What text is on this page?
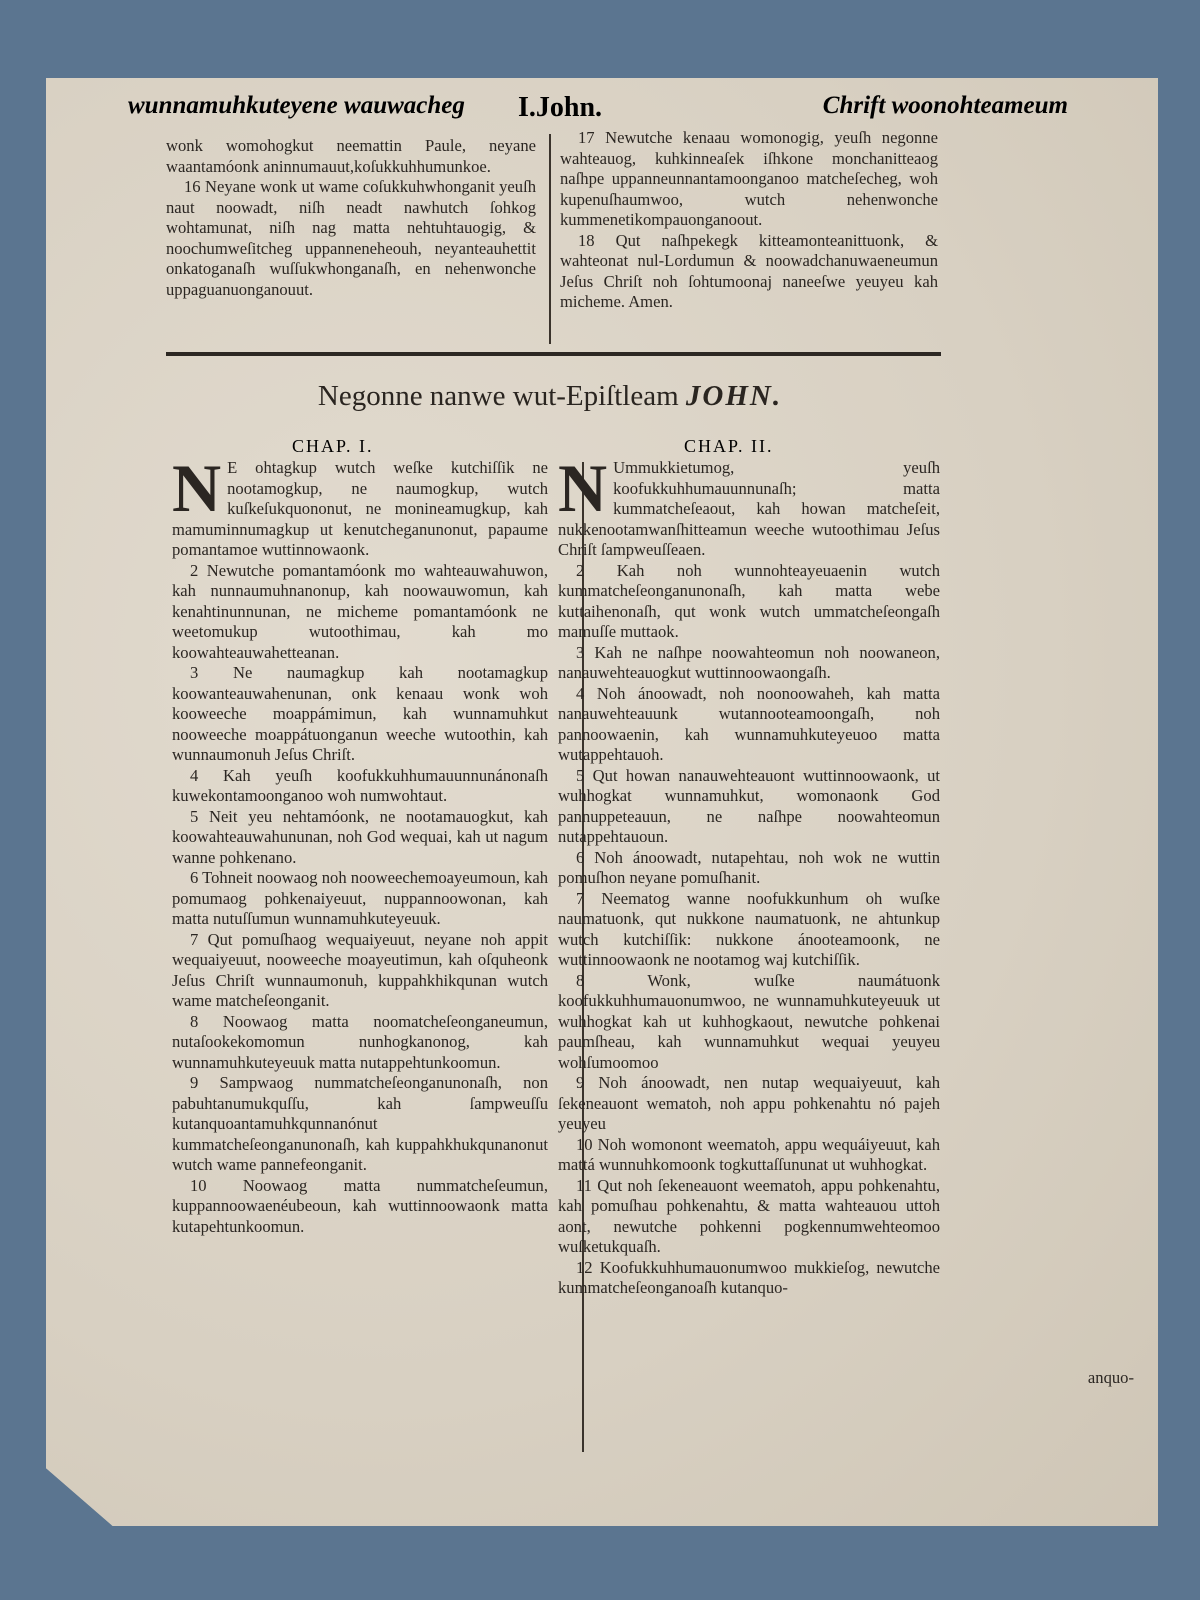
wunnamuhkuteyene wauwacheg I.John.	Chrift woonohteameum

wonk womohogkut neemattin Paule, neyane waantamóonk aninnumauut,koſukkuhhumunkoe.

16 Neyane wonk ut wame coſukkuhwhonganit yeuſh naut noowadt, niſh neadt nawhutch ſohkog wohtamunat, niſh nag matta nehtuhtauogig, & noochumweſitcheg uppanneneheouh, neyanteauhettit onkatoganaſh wuſſukwhonganaſh, en nehenwonche uppaguanuonganouut.

17 Newutche kenaau womonogig, yeuſh negonne wahteauog, kuhkinneaſek iſhkone monchanitteaog naſhpe uppanneunnantamoonganoo matcheſecheg, woh kupenuſhaumwoo, wutch nehenwonche kummenetikompauonganoout.

18 Qut naſhpekegk kitteamonteanittuonk, & wahteonat nul-Lordumun & noowadchanuwaeneumun Jeſus Chriſt noh ſohtumoonaj naneeſwe yeuyeu kah micheme. Amen.

Negonne nanwe wut-Epiſtleam JOHN.
CHAP. I.	CHAP. II.

N E ohtagkup wutch weſke kutchiſſik ne nootamogkup, ne naumogkup, wutch kuſkeſukquononut, ne monineamugkup, kah mamuminnumagkup ut kenutcheganunonut, papaume pomantamoe wuttinnowaonk.

2 Newutche pomantamóonk mo wahteauwahuwon, kah nunnaumuhnanonup, kah noowauwomun, kah kenahtinunnunan, ne micheme pomantamóonk ne weetomukup wutoothimau, kah mo koowahteauwahetteanan.

3 Ne naumagkup kah nootamagkup koowanteauwahenunan, onk kenaau wonk woh kooweeche moappámimun, kah wunnamuhkut nooweeche moappátuonganun weeche wutoothin, kah wunnaumonuh Jeſus Chriſt.

4 Kah yeuſh koofukkuhhumauunnunánonaſh kuwekontamoonganoo woh numwohtaut.

5 Neit yeu nehtamóonk, ne nootamauogkut, kah koowahteauwahununan, noh God wequai, kah ut nagum wanne pohkenano.

6 Tohneit noowaog noh nooweechemoayeumoun, kah pomumaog pohkenaiyeuut, nuppannoowonan, kah matta nutuſſumun wunnamuhkuteyeuuk.

7 Qut pomuſhaog wequaiyeuut, neyane noh appit wequaiyeuut, nooweeche moayeutimun, kah oſquheonk Jeſus Chriſt wunnaumonuh, kuppahkhikqunan wutch wame matcheſeonganit.

8 Noowaog matta noomatcheſeonganeumun, nutaſookekomomun nunhogkanonog, kah wunnamuhkuteyeuuk matta nutappehtunkoomun.

9 Sampwaog nummatcheſeonganunonaſh, non pabuhtanumukquſſu, kah ſampweuſſu kutanquoantamuhkqunnanónut kummatcheſeonganunonaſh, kah kuppahkhukqunanonut wutch wame pannefeonganit.

10 Noowaog matta nummatcheſeumun, kuppannoowaenéubeoun, kah wuttinnoowaonk matta kutapehtunkoomun.

N Ummukkietumog, yeuſh koofukkuhhumauunnunaſh; matta kummatcheſeaout, kah howan matcheſeit, nukkenootamwanſhitteamun weeche wutoothimau Jeſus Chriſt ſampweuſſeaen.

2 Kah noh wunnohteayeuaenin wutch kummatcheſeonganunonaſh, kah matta webe kuttaihenonaſh, qut wonk wutch ummatcheſeongaſh mamuſſe muttaok.

3 Kah ne naſhpe noowahteomun noh noowaneon, nanauwehteauogkut wuttinnoowaongaſh.

4 Noh ánoowadt, noh noonoowaheh, kah matta nanauwehteauunk wutannooteamoongaſh, noh pannoowaenin, kah wunnamuhkuteyeuoo matta wutappehtauoh.

5 Qut howan nanauwehteauont wuttinnoowaonk, ut wuhhogkat wunnamuhkut, womonaonk God pannuppeteauun, ne naſhpe noowahteomun nutappehtauoun.

6 Noh ánoowadt, nutapehtau, noh wok ne wuttin pomuſhon neyane pomuſhanit.

7 Neematog wanne noofukkunhum oh wuſke naumatuonk, qut nukkone naumatuonk, ne ahtunkup wutch kutchiſſik: nukkone ánooteamoonk, ne wuttinnoowaonk ne nootamog waj kutchiſſik.

8 Wonk, wuſke naumátuonk koofukkuhhumauonumwoo, ne wunnamuhkuteyeuuk ut wuhhogkat kah ut kuhhogkaout, newutche pohkenai paumſheau, kah wunnamuhkut wequai yeuyeu wohſumoomoo

9 Noh ánoowadt, nen nutap wequaiyeuut, kah ſekeneauont wematoh, noh appu pohkenahtu nó pajeh yeuyeu

10 Noh womonont weematoh, appu wequáiyeuut, kah mattá wunnuhkomoonk togkuttaſſununat ut wuhhogkat.

11 Qut noh ſekeneauont weematoh, appu pohkenahtu, kah pomuſhau pohkenahtu, & matta wahteauou uttoh aont, newutche pohkenni pogkennumwehteomoo wuſketukquaſh.

12 Koofukkuhhumauonumwoo mukkieſog, newutche kummatcheſeonganoaſh kutanquo-

anquo-
